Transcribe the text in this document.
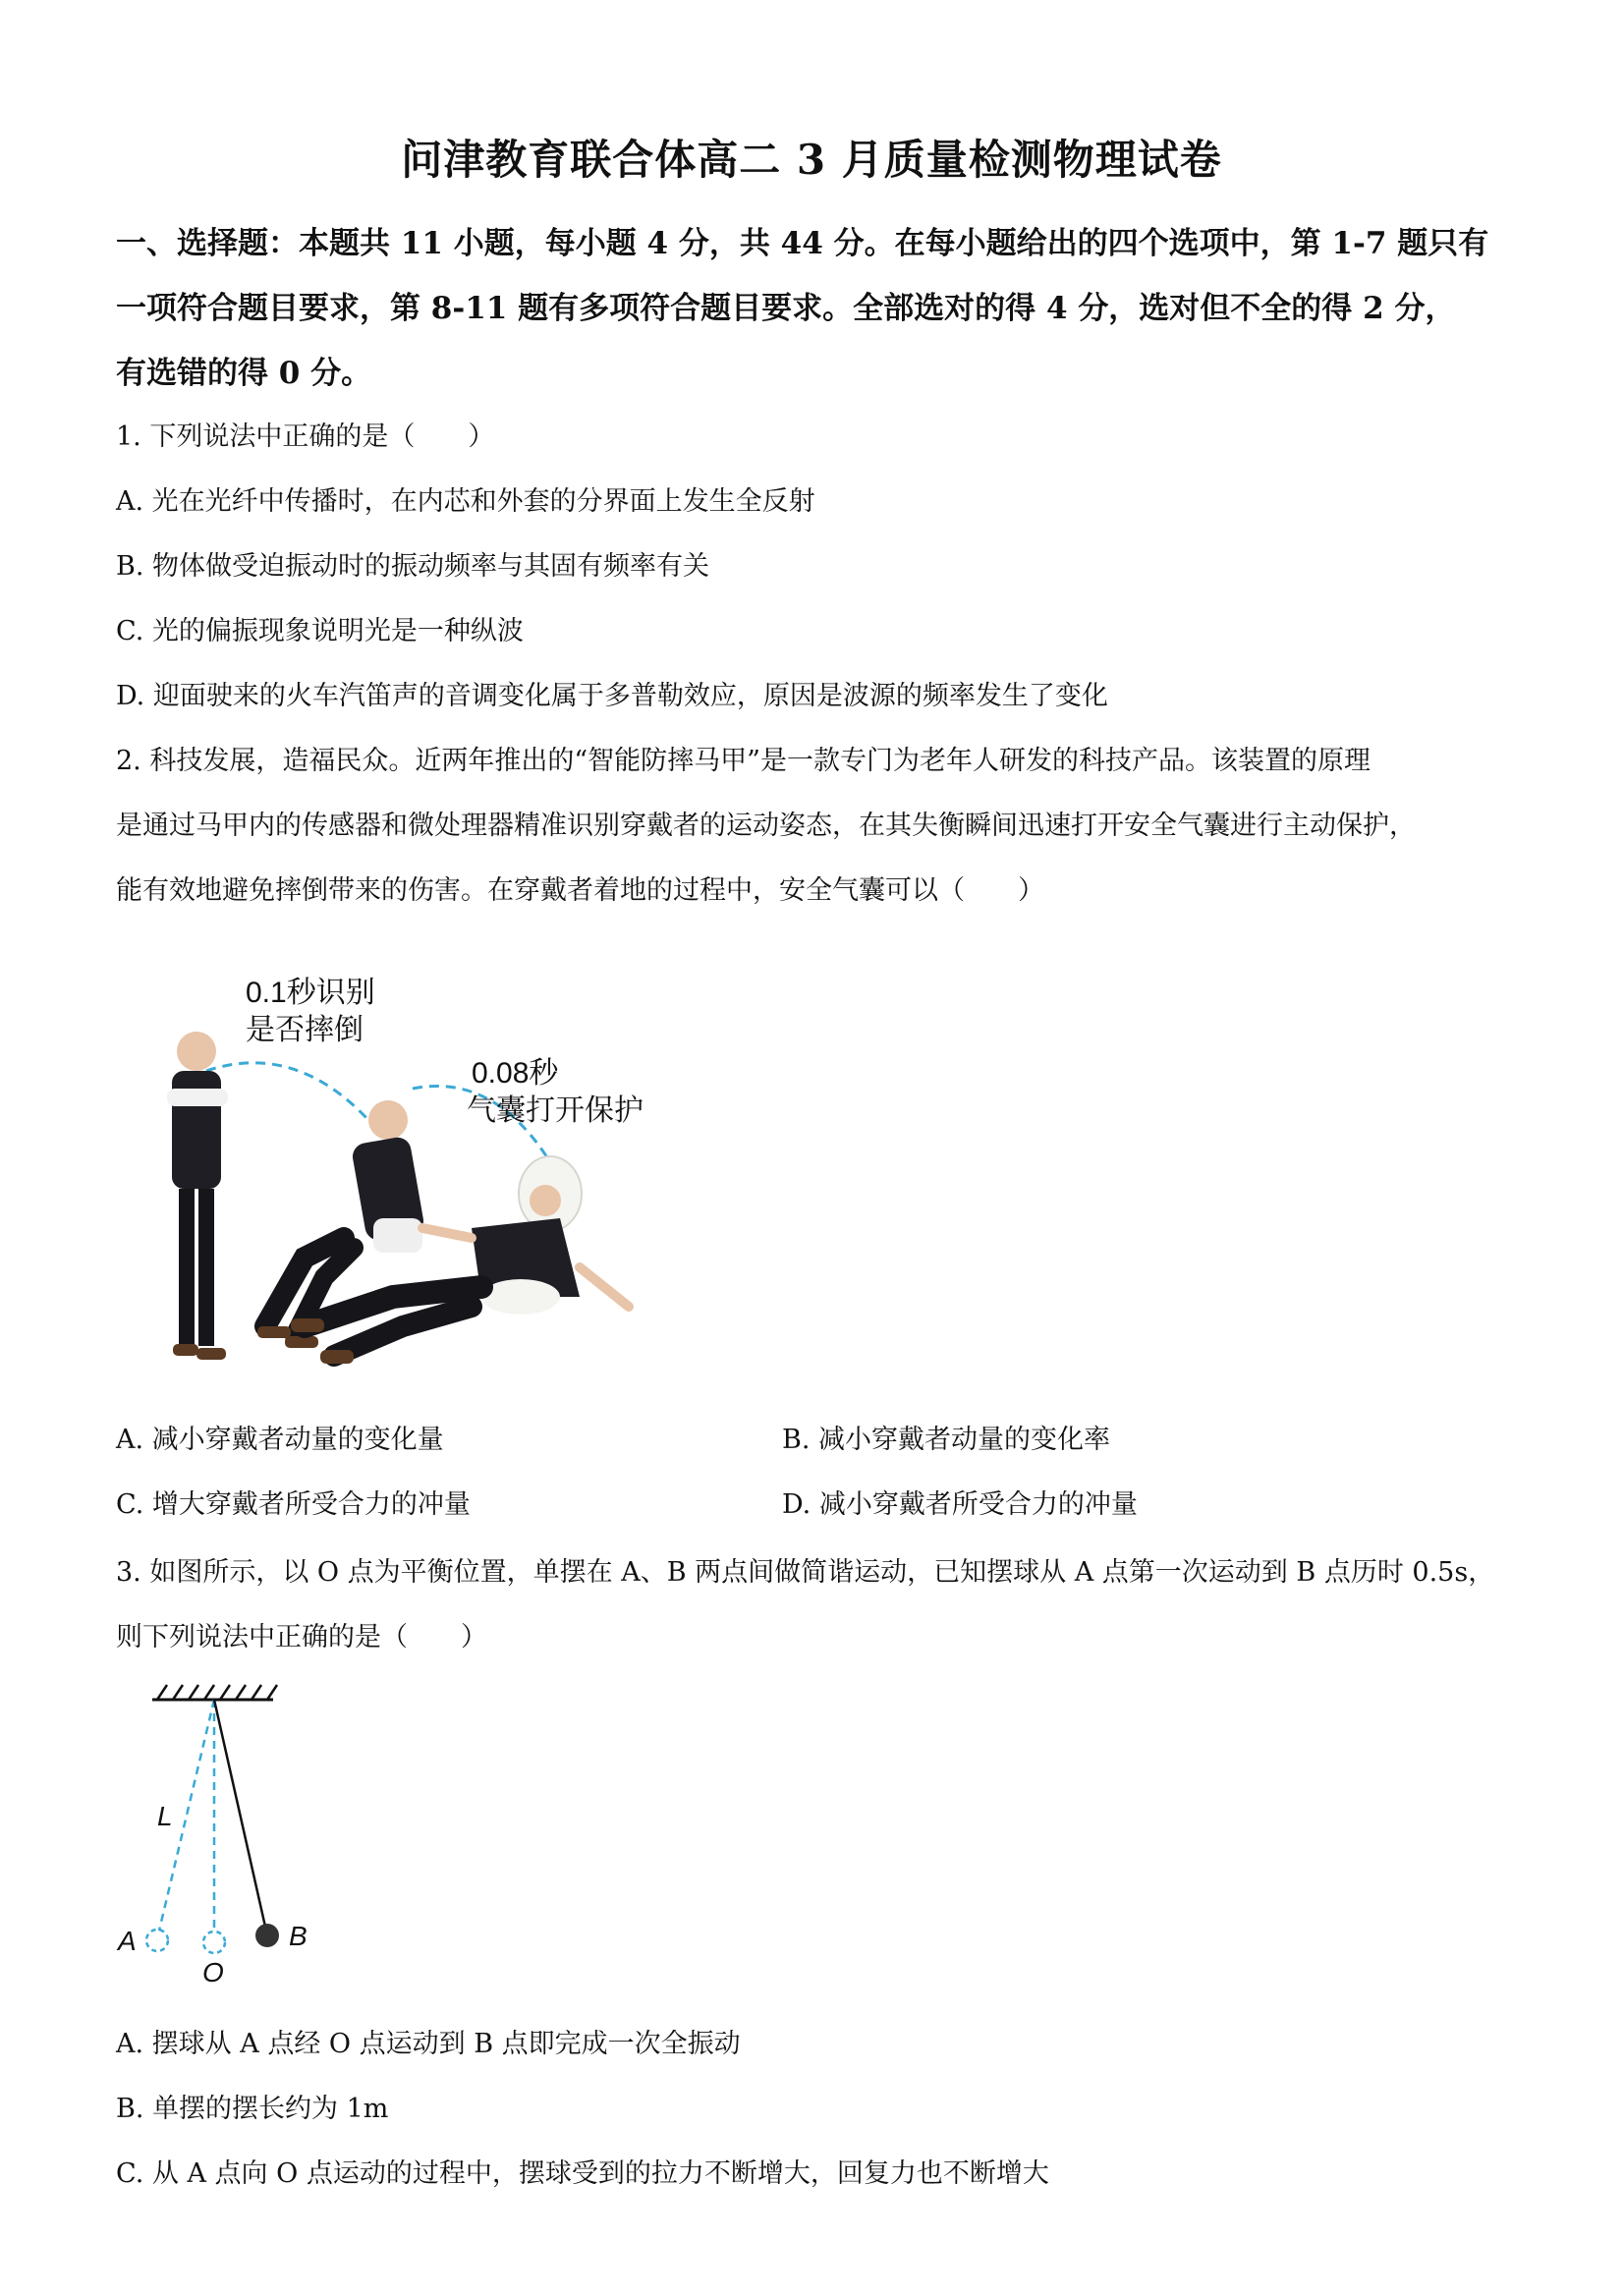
问津教育联合体高二 3 月质量检测物理试卷
一、选择题：本题共 11 小题，每小题 4 分，共 44 分。在每小题给出的四个选项中，第 1-7 题只有
一项符合题目要求，第 8-11 题有多项符合题目要求。全部选对的得 4 分，选对但不全的得 2 分，
有选错的得 0 分。
1. 下列说法中正确的是（　　）
A. 光在光纤中传播时，在内芯和外套的分界面上发生全反射
B. 物体做受迫振动时的振动频率与其固有频率有关
C. 光的偏振现象说明光是一种纵波
D. 迎面驶来的火车汽笛声的音调变化属于多普勒效应，原因是波源的频率发生了变化
2. 科技发展，造福民众。近两年推出的“智能防摔马甲”是一款专门为老年人研发的科技产品。该装置的原理
是通过马甲内的传感器和微处理器精准识别穿戴者的运动姿态，在其失衡瞬间迅速打开安全气囊进行主动保护，
能有效地避免摔倒带来的伤害。在穿戴者着地的过程中，安全气囊可以（　　）
0.1秒识别
是否摔倒
0.08秒
气囊打开保护
A. 减小穿戴者动量的变化量	B. 减小穿戴者动量的变化率
C. 增大穿戴者所受合力的冲量	D. 减小穿戴者所受合力的冲量
3. 如图所示，以 O 点为平衡位置，单摆在 A、B 两点间做简谐运动，已知摆球从 A 点第一次运动到 B 点历时 0.5s，
则下列说法中正确的是（　　）
L
A
O
B
A. 摆球从 A 点经 O 点运动到 B 点即完成一次全振动
B. 单摆的摆长约为 1m
C. 从 A 点向 O 点运动的过程中，摆球受到的拉力不断增大，回复力也不断增大
